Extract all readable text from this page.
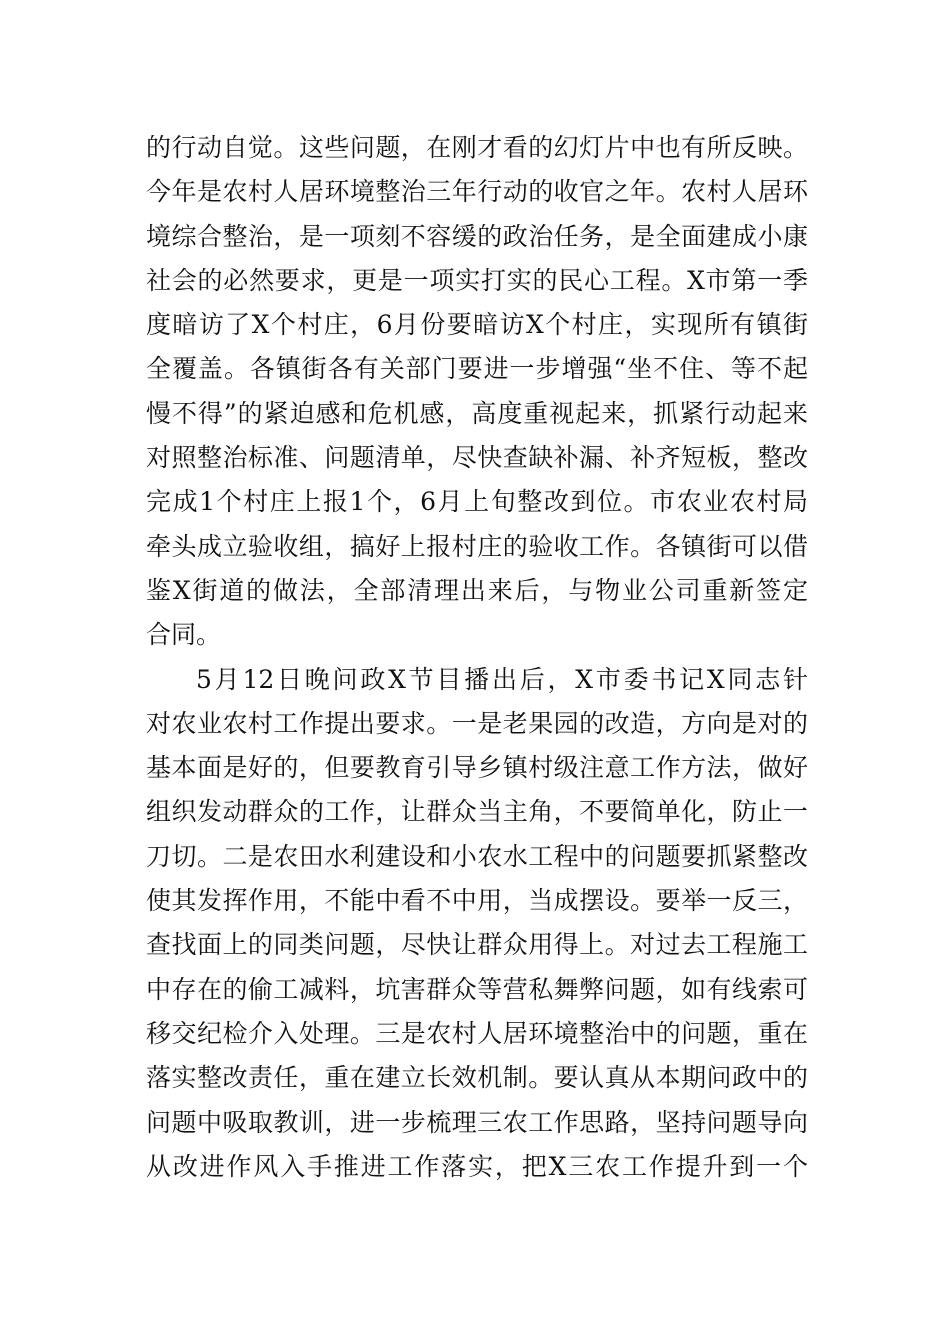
的行动自觉。这些问题，在刚才看的幻灯片中也有所反映。
今年是农村人居环境整治三年行动的收官之年。农村人居环
境综合整治，是一项刻不容缓的政治任务，是全面建成小康
社会的必然要求，更是一项实打实的民心工程。X市第一季
度暗访了X个村庄，6月份要暗访X个村庄，实现所有镇街
全覆盖。各镇街各有关部门要进一步增强“坐不住、等不起
慢不得”的紧迫感和危机感，高度重视起来，抓紧行动起来
对照整治标准、问题清单，尽快查缺补漏、补齐短板，整改
完成1个村庄上报1个，6月上旬整改到位。市农业农村局
牵头成立验收组，搞好上报村庄的验收工作。各镇街可以借
鉴X街道的做法，全部清理出来后，与物业公司重新签定
合同。
5月12日晚问政X节目播出后，X市委书记X同志针
对农业农村工作提出要求。一是老果园的改造，方向是对的
基本面是好的，但要教育引导乡镇村级注意工作方法，做好
组织发动群众的工作，让群众当主角，不要简单化，防止一
刀切。二是农田水利建设和小农水工程中的问题要抓紧整改
使其发挥作用，不能中看不中用，当成摆设。要举一反三，
查找面上的同类问题，尽快让群众用得上。对过去工程施工
中存在的偷工减料，坑害群众等营私舞弊问题，如有线索可
移交纪检介入处理。三是农村人居环境整治中的问题，重在
落实整改责任，重在建立长效机制。要认真从本期问政中的
问题中吸取教训，进一步梳理三农工作思路，坚持问题导向
从改进作风入手推进工作落实，把X三农工作提升到一个
